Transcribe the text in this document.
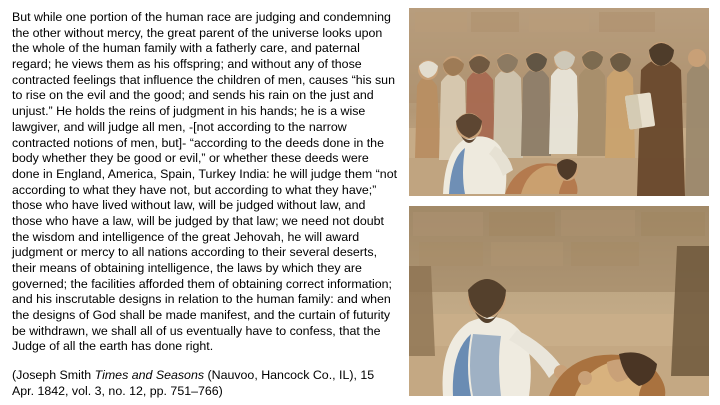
But while one portion of the human race are judging and condemning the other without mercy, the great parent of the universe looks upon the whole of the human family with a fatherly care, and paternal regard; he views them as his offspring; and without any of those contracted feelings that influence the children of men, causes “his sun to rise on the evil and the good; and sends his rain on the just and unjust.” He holds the reins of judgment in his hands; he is a wise lawgiver, and will judge all men, -[not according to the narrow contracted notions of men, but]- “according to the deeds done in the body whether they be good or evil,” or whether these deeds were done in England, America, Spain, Turkey India: he will judge them “not according to what they have not, but according to what they have;” those who have lived without law, will be judged without law, and those who have a law, will be judged by that law; we need not doubt the wisdom and intelligence of the great Jehovah, he will award judgment or mercy to all nations according to their several deserts, their means of obtaining intelligence, the laws by which they are governed; the facilities afforded them of obtaining correct information; and his inscrutable designs in relation to the human family: and when the designs of God shall be made manifest, and the curtain of futurity be withdrawn, we shall all of us eventually have to confess, that the Judge of all the earth has done right.

(Joseph Smith Times and Seasons (Nauvoo, Hancock Co., IL), 15 Apr. 1842, vol. 3, no. 12, pp. 751–766)
